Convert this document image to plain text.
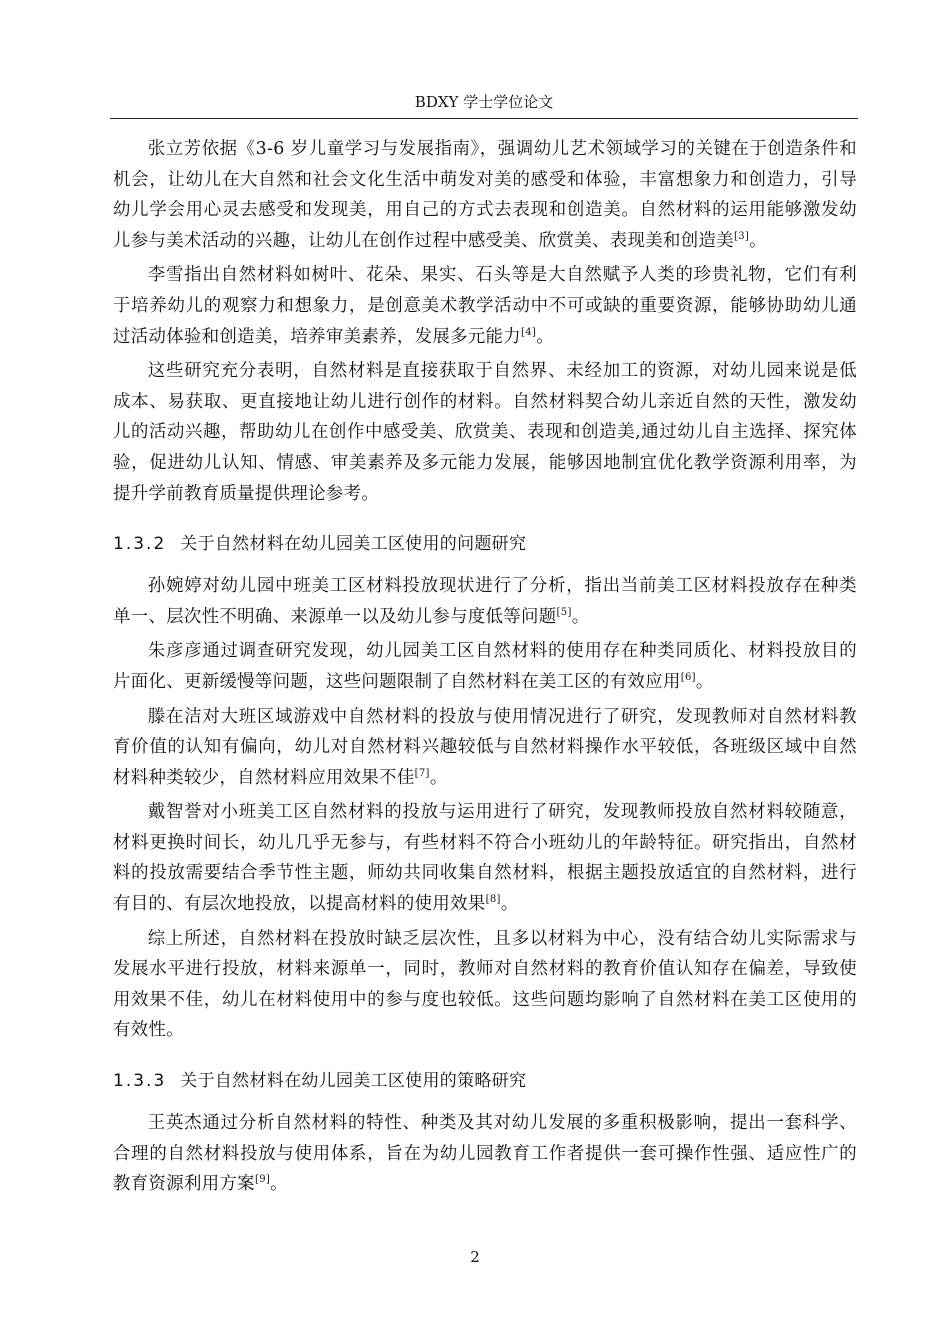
BDXY 学士学位论文

张立芳依据《3-6 岁儿童学习与发展指南》，强调幼儿艺术领域学习的关键在于创造条件和机会，让幼儿在大自然和社会文化生活中萌发对美的感受和体验，丰富想象力和创造力，引导幼儿学会用心灵去感受和发现美，用自己的方式去表现和创造美。自然材料的运用能够激发幼儿参与美术活动的兴趣，让幼儿在创作过程中感受美、欣赏美、表现美和创造美[3]。

李雪指出自然材料如树叶、花朵、果实、石头等是大自然赋予人类的珍贵礼物，它们有利于培养幼儿的观察力和想象力，是创意美术教学活动中不可或缺的重要资源，能够协助幼儿通过活动体验和创造美，培养审美素养，发展多元能力[4]。

这些研究充分表明，自然材料是直接获取于自然界、未经加工的资源，对幼儿园来说是低成本、易获取、更直接地让幼儿进行创作的材料。自然材料契合幼儿亲近自然的天性，激发幼儿的活动兴趣，帮助幼儿在创作中感受美、欣赏美、表现和创造美,通过幼儿自主选择、探究体验，促进幼儿认知、情感、审美素养及多元能力发展，能够因地制宜优化教学资源利用率，为提升学前教育质量提供理论参考。

1.3.2 关于自然材料在幼儿园美工区使用的问题研究

孙婉婷对幼儿园中班美工区材料投放现状进行了分析，指出当前美工区材料投放存在种类单一、层次性不明确、来源单一以及幼儿参与度低等问题[5]。

朱彦彦通过调查研究发现，幼儿园美工区自然材料的使用存在种类同质化、材料投放目的片面化、更新缓慢等问题，这些问题限制了自然材料在美工区的有效应用[6]。

滕在洁对大班区域游戏中自然材料的投放与使用情况进行了研究，发现教师对自然材料教育价值的认知有偏向，幼儿对自然材料兴趣较低与自然材料操作水平较低，各班级区域中自然材料种类较少，自然材料应用效果不佳[7]。

戴智誉对小班美工区自然材料的投放与运用进行了研究，发现教师投放自然材料较随意，材料更换时间长，幼儿几乎无参与，有些材料不符合小班幼儿的年龄特征。研究指出，自然材料的投放需要结合季节性主题，师幼共同收集自然材料，根据主题投放适宜的自然材料，进行有目的、有层次地投放，以提高材料的使用效果[8]。

综上所述，自然材料在投放时缺乏层次性，且多以材料为中心，没有结合幼儿实际需求与发展水平进行投放，材料来源单一，同时，教师对自然材料的教育价值认知存在偏差，导致使用效果不佳，幼儿在材料使用中的参与度也较低。这些问题均影响了自然材料在美工区使用的有效性。

1.3.3 关于自然材料在幼儿园美工区使用的策略研究

王英杰通过分析自然材料的特性、种类及其对幼儿发展的多重积极影响，提出一套科学、合理的自然材料投放与使用体系，旨在为幼儿园教育工作者提供一套可操作性强、适应性广的教育资源利用方案[9]。

2
